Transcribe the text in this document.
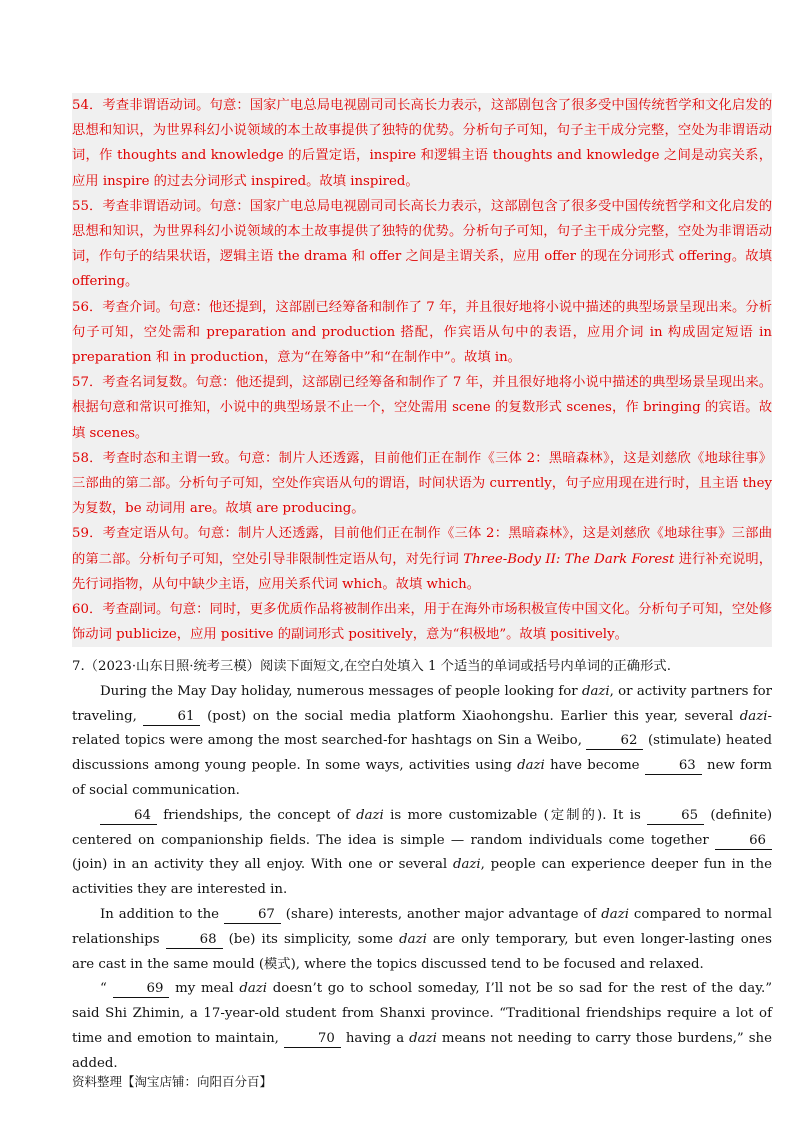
54．考查非谓语动词。句意：国家广电总局电视剧司司长高长力表示，这部剧包含了很多受中国传统哲学和文化启发的思想和知识，为世界科幻小说领域的本土故事提供了独特的优势。分析句子可知，句子主干成分完整，空处为非谓语动词，作 thoughts and knowledge 的后置定语，inspire 和逻辑主语 thoughts and knowledge 之间是动宾关系，应用 inspire 的过去分词形式 inspired。故填 inspired。

55．考查非谓语动词。句意：国家广电总局电视剧司司长高长力表示，这部剧包含了很多受中国传统哲学和文化启发的思想和知识，为世界科幻小说领域的本土故事提供了独特的优势。分析句子可知，句子主干成分完整，空处为非谓语动词，作句子的结果状语，逻辑主语 the drama 和 offer 之间是主谓关系，应用 offer 的现在分词形式 offering。故填 offering。

56．考查介词。句意：他还提到，这部剧已经筹备和制作了 7 年，并且很好地将小说中描述的典型场景呈现出来。分析句子可知，空处需和 preparation and production 搭配，作宾语从句中的表语，应用介词 in 构成固定短语 in preparation 和 in production，意为“在筹备中”和“在制作中”。故填 in。

57．考查名词复数。句意：他还提到，这部剧已经筹备和制作了 7 年，并且很好地将小说中描述的典型场景呈现出来。根据句意和常识可推知，小说中的典型场景不止一个，空处需用 scene 的复数形式 scenes，作 bringing 的宾语。故填 scenes。

58．考查时态和主谓一致。句意：制片人还透露，目前他们正在制作《三体 2：黑暗森林》，这是刘慈欣《地球往事》三部曲的第二部。分析句子可知，空处作宾语从句的谓语，时间状语为 currently，句子应用现在进行时，且主语 they 为复数，be 动词用 are。故填 are producing。

59．考查定语从句。句意：制片人还透露，目前他们正在制作《三体 2：黑暗森林》，这是刘慈欣《地球往事》三部曲的第二部。分析句子可知，空处引导非限制性定语从句，对先行词 Three-Body II: The Dark Forest 进行补充说明，先行词指物，从句中缺少主语，应用关系代词 which。故填 which。

60．考查副词。句意：同时，更多优质作品将被制作出来，用于在海外市场积极宣传中国文化。分析句子可知，空处修饰动词 publicize，应用 positive 的副词形式 positively，意为“积极地”。故填 positively。

7.（2023·山东日照·统考三模）阅读下面短文,在空白处填入 1 个适当的单词或括号内单词的正确形式.

During the May Day holiday, numerous messages of people looking for dazi, or activity partners for traveling,	61 (post) on the social media platform Xiaohongshu. Earlier this year, several dazi-related topics were among the most searched-for hashtags on Sin a Weibo,	62 (stimulate) heated discussions among young people. In some ways, activities using dazi have become	63 new form of social communication.

64 friendships, the concept of dazi is more customizable (定制的). It is	65 (definite) centered on companionship fields. The idea is simple — random individuals come together	66 (join) in an activity they all enjoy. With one or several dazi, people can experience deeper fun in the activities they are interested in.

In addition to the	67 (share) interests, another major advantage of dazi compared to normal relationships	68 (be) its simplicity, some dazi are only temporary, but even longer-lasting ones are cast in the same mould (模式), where the topics discussed tend to be focused and relaxed.

“	69 my meal dazi doesn’t go to school someday, I’ll not be so sad for the rest of the day.” said Shi Zhimin, a 17-year-old student from Shanxi province. “Traditional friendships require a lot of time and emotion to maintain,	70 having a dazi means not needing to carry those burdens,” she added.

资料整理【淘宝店铺：向阳百分百】
